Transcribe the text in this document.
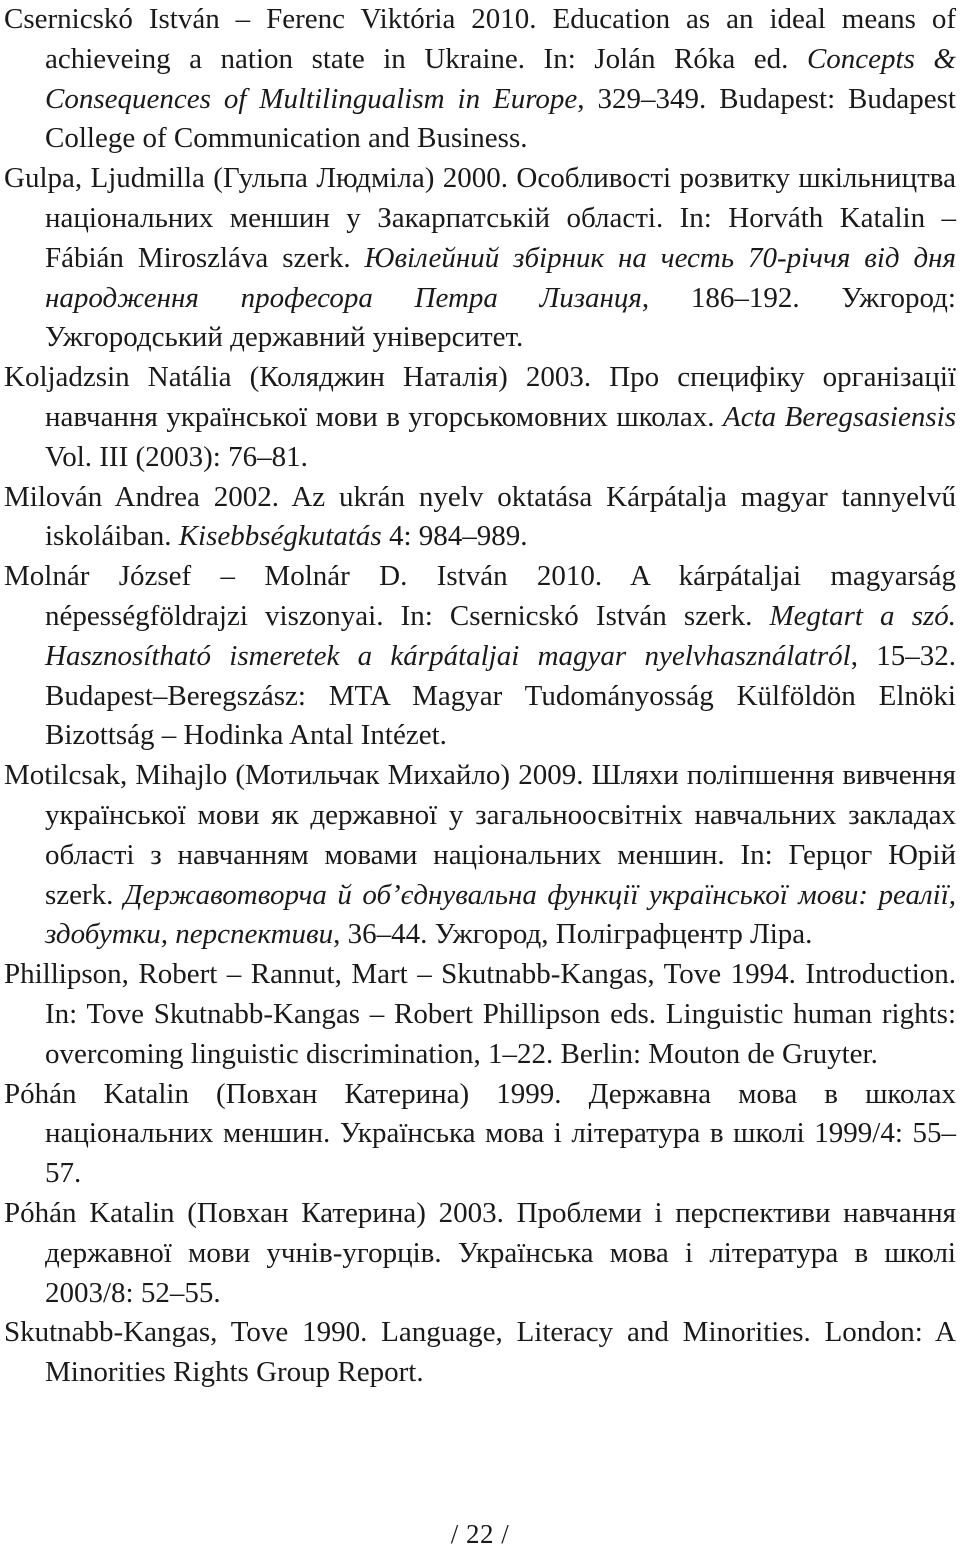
Csernicskó István – Ferenc Viktória 2010. Education as an ideal means of achieveing a nation state in Ukraine. In: Jolán Róka ed. Concepts & Consequences of Multilingualism in Europe, 329‒349. Budapest: Budapest College of Communication and Business.
Gulpa, Ljudmilla (Гульпа Людміла) 2000. Особливості розвитку шкільництва національних меншин у Закарпатській області. In: Horváth Katalin – Fábián Miroszláva szerk. Ювілейний збірник на честь 70-річчя від дня народження професора Петра Лизанця, 186‒192. Ужгород: Ужгородський державний університет.
Koljadzsin Natália (Коляджин Наталія) 2003. Про специфіку організації навчання української мови в угорськомовних школах. Acta Beregsasiensis Vol. III (2003): 76‒81.
Milován Andrea 2002. Az ukrán nyelv oktatása Kárpátalja magyar tannyelvű iskoláiban. Kisebbségkutatás 4: 984‒989.
Molnár József – Molnár D. István 2010. A kárpátaljai magyarság népességföldrajzi viszonyai. In: Csernicskó István szerk. Megtart a szó. Hasznosítható ismeretek a kárpátaljai magyar nyelvhasználatról, 15‒32. Budapest‒Beregszász: MTA Magyar Tudományosság Külföldön Elnöki Bizottság – Hodinka Antal Intézet.
Motilcsak, Mihajlo (Мотильчак Михайло) 2009. Шляхи поліпшення вивчення української мови як державної у загальноосвітніх навчальних закладах області з навчанням мовами національних меншин. In: Герцог Юрій szerk. Державотворча й об’єднувальна функції української мови: реалії, здобутки, перспективи, 36‒44. Ужгород, Поліграфцентр Ліра.
Phillipson, Robert – Rannut, Mart – Skutnabb-Kangas, Tove 1994. Introduction. In: Tove Skutnabb-Kangas – Robert Phillipson eds. Linguistic human rights: overcoming linguistic discrimination, 1‒22. Berlin: Mouton de Gruyter.
Póhán Katalin (Повхан Катерина) 1999. Державна мова в школах національних меншин. Українська мова і література в школі 1999/4: 55‒57.
Póhán Katalin (Повхан Катерина) 2003. Проблеми і перспективи навчання державної мови учнів-угорців. Українська мова і література в школі 2003/8: 52‒55.
Skutnabb-Kangas, Tove 1990. Language, Literacy and Minorities. London: A Minorities Rights Group Report.
/ 22 /
